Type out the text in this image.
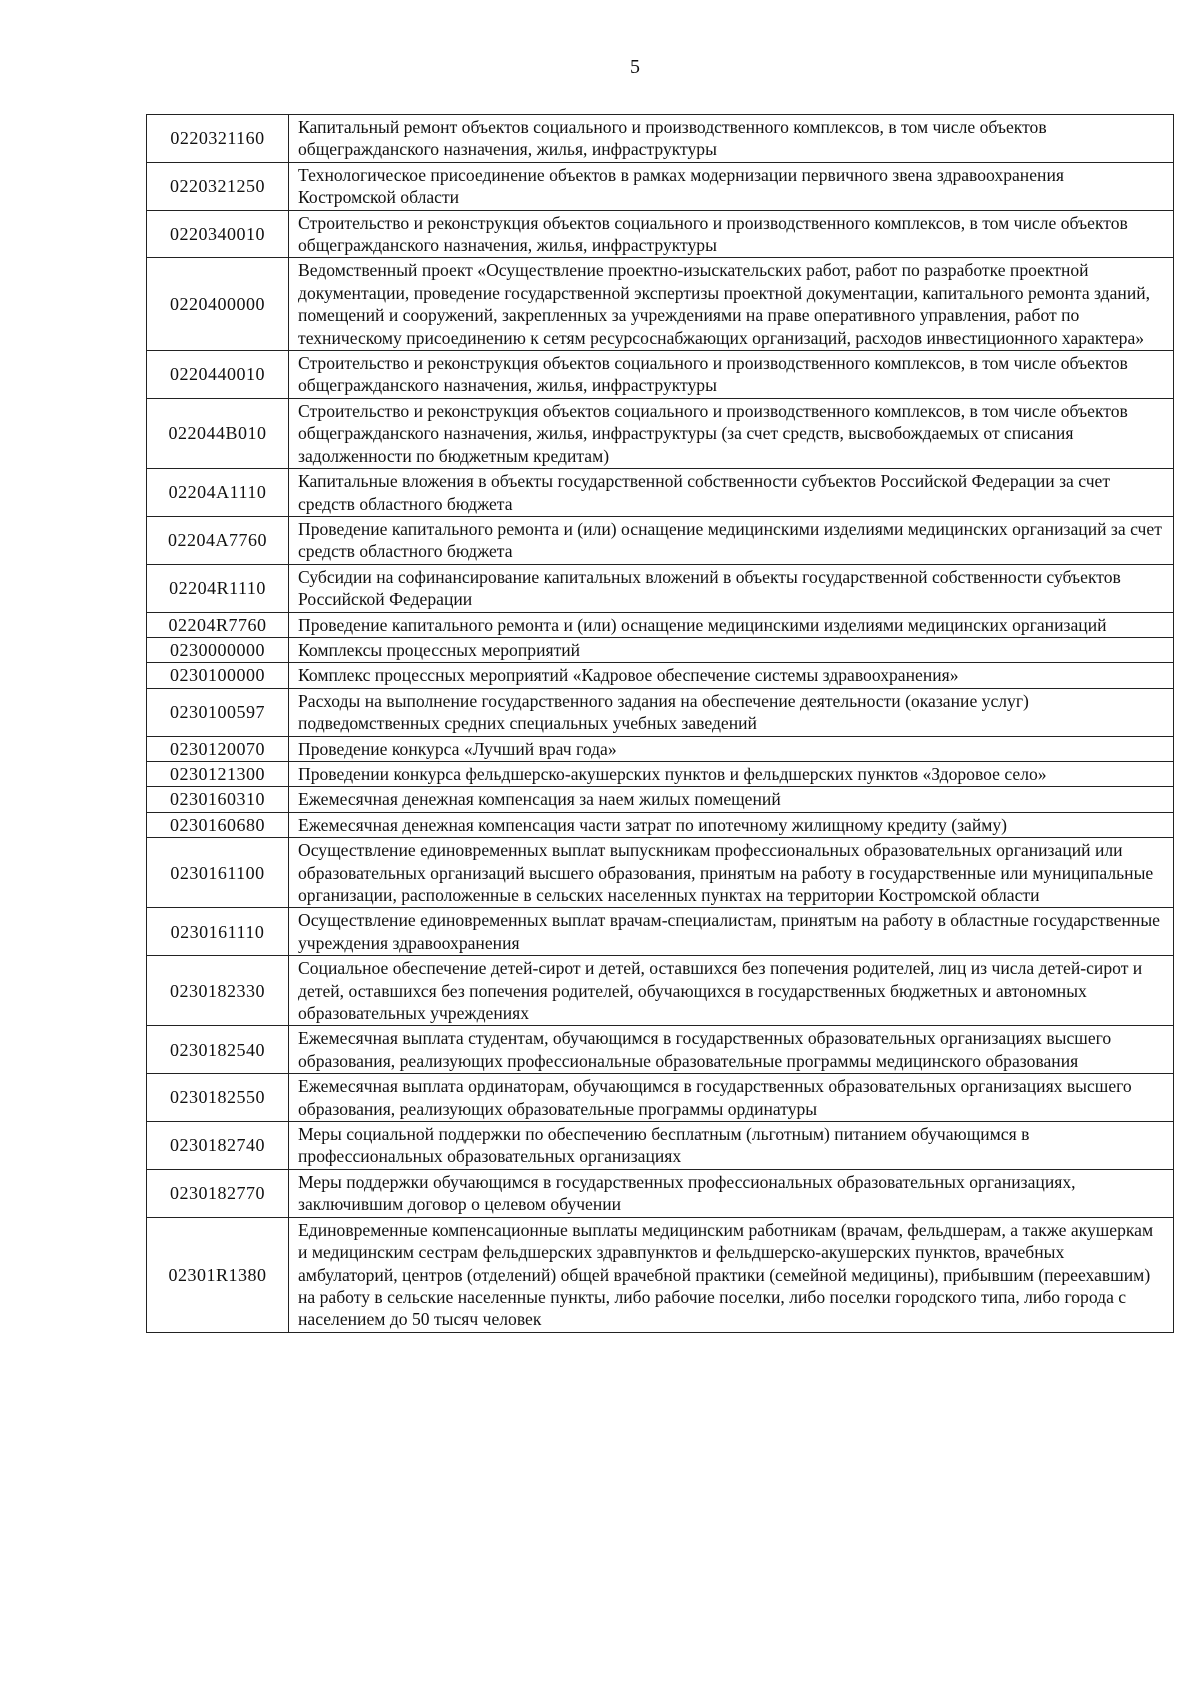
5
0220321160	Капитальный ремонт объектов социального и производственного комплексов, в том числе объектов общегражданского назначения, жилья, инфраструктуры
0220321250	Технологическое присоединение объектов в рамках модернизации первичного звена здравоохранения Костромской области
0220340010	Строительство и реконструкция объектов социального и производственного комплексов, в том числе объектов общегражданского назначения, жилья, инфраструктуры
0220400000	Ведомственный проект «Осуществление проектно-изыскательских работ, работ по разработке проектной документации, проведение государственной экспертизы проектной документации, капитального ремонта зданий, помещений и сооружений, закрепленных за учреждениями на праве оперативного управления, работ по техническому присоединению к сетям ресурсоснабжающих организаций, расходов инвестиционного характера»
0220440010	Строительство и реконструкция объектов социального и производственного комплексов, в том числе объектов общегражданского назначения, жилья, инфраструктуры
022044B010	Строительство и реконструкция объектов социального и производственного комплексов, в том числе объектов общегражданского назначения, жилья, инфраструктуры (за счет средств, высвобождаемых от списания задолженности по бюджетным кредитам)
02204A1110	Капитальные вложения в объекты государственной собственности субъектов Российской Федерации за счет средств областного бюджета
02204A7760	Проведение капитального ремонта и (или) оснащение медицинскими изделиями медицинских организаций за счет средств областного бюджета
02204R1110	Субсидии на софинансирование капитальных вложений в объекты государственной собственности субъектов Российской Федерации
02204R7760	Проведение капитального ремонта и (или) оснащение медицинскими изделиями медицинских организаций
0230000000	Комплексы процессных мероприятий
0230100000	Комплекс процессных мероприятий «Кадровое обеспечение системы здравоохранения»
0230100597	Расходы на выполнение государственного задания на обеспечение деятельности (оказание услуг) подведомственных средних специальных учебных заведений
0230120070	Проведение конкурса «Лучший врач года»
0230121300	Проведении конкурса фельдшерско-акушерских пунктов и фельдшерских пунктов «Здоровое село»
0230160310	Ежемесячная денежная компенсация за наем жилых помещений
0230160680	Ежемесячная денежная компенсация части затрат по ипотечному жилищному кредиту (займу)
0230161100	Осуществление единовременных выплат выпускникам профессиональных образовательных организаций или образовательных организаций высшего образования, принятым на работу в государственные или муниципальные организации, расположенные в сельских населенных пунктах на территории Костромской области
0230161110	Осуществление единовременных выплат врачам-специалистам, принятым на работу в областные государственные учреждения здравоохранения
0230182330	Социальное обеспечение детей-сирот и детей, оставшихся без попечения родителей, лиц из числа детей-сирот и детей, оставшихся без попечения родителей, обучающихся в государственных бюджетных и автономных образовательных учреждениях
0230182540	Ежемесячная выплата студентам, обучающимся в государственных образовательных организациях высшего образования, реализующих профессиональные образовательные программы медицинского образования
0230182550	Ежемесячная выплата ординаторам, обучающимся в государственных образовательных организациях высшего образования, реализующих образовательные программы ординатуры
0230182740	Меры социальной поддержки по обеспечению бесплатным (льготным) питанием обучающимся в профессиональных образовательных организациях
0230182770	Меры поддержки обучающимся в государственных профессиональных образовательных организациях, заключившим договор о целевом обучении
02301R1380	Единовременные компенсационные выплаты медицинским работникам (врачам, фельдшерам, а также акушеркам и медицинским сестрам фельдшерских здравпунктов и фельдшерско-акушерских пунктов, врачебных амбулаторий, центров (отделений) общей врачебной практики (семейной медицины), прибывшим (переехавшим) на работу в сельские населенные пункты, либо рабочие поселки, либо поселки городского типа, либо города с населением до 50 тысяч человек
